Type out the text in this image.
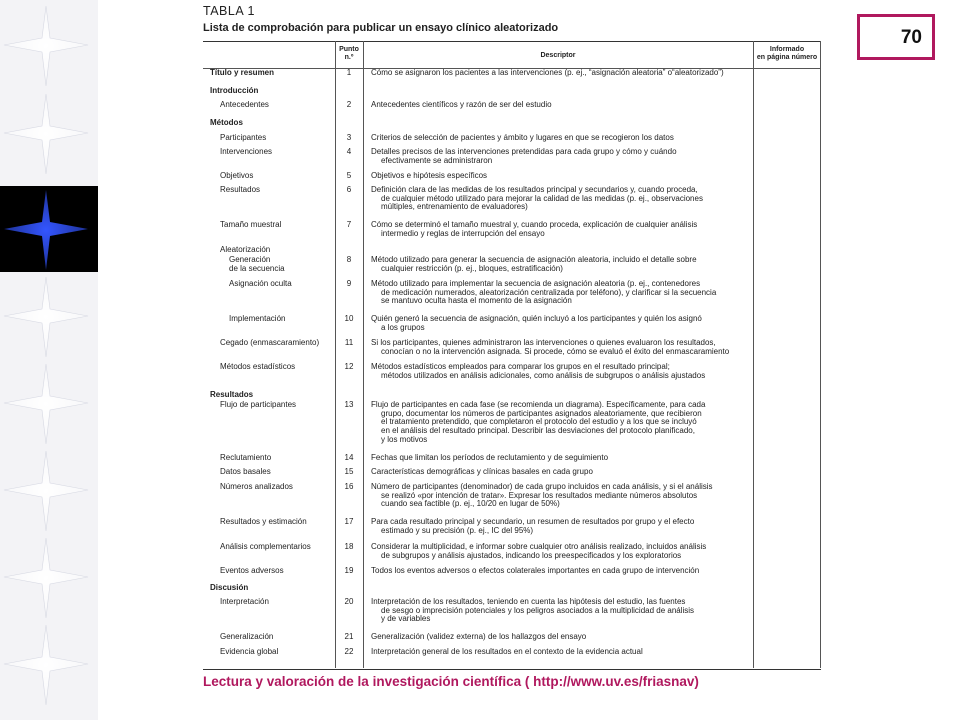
70
TABLA 1
Lista de comprobación para publicar un ensayo clínico aleatorizado
Punto
n.º	Descriptor
Informado
en página número
Título y resumen	1	Cómo se asignaron los pacientes a las intervenciones (p. ej., “asignación aleatoria” o“aleatorizado”)
Introducción
Antecedentes	2	Antecedentes científicos y razón de ser del estudio
Métodos
Participantes	3	Criterios de selección de pacientes y ámbito y lugares en que se recogieron los datos
Intervenciones	4	Detalles precisos de las intervenciones pretendidas para cada grupo y cómo y cuándo
efectivamente se administraron
Objetivos	5	Objetivos e hipótesis específicos
Resultados	6	Definición clara de las medidas de los resultados principal y secundarios y, cuando proceda,
de cualquier método utilizado para mejorar la calidad de las medidas (p. ej., observaciones
múltiples, entrenamiento de evaluadores)
Tamaño muestral	7	Cómo se determinó el tamaño muestral y, cuando proceda, explicación de cualquier análisis
intermedio y reglas de interrupción del ensayo
Aleatorización
Generación
de la secuencia
8	Método utilizado para generar la secuencia de asignación aleatoria, incluido el detalle sobre
cualquier restricción (p. ej., bloques, estratificación)
Asignación oculta	9	Método utilizado para implementar la secuencia de asignación aleatoria (p. ej., contenedores
de medicación numerados, aleatorización centralizada por teléfono), y clarificar si la secuencia
se mantuvo oculta hasta el momento de la asignación
Implementación	10	Quién generó la secuencia de asignación, quién incluyó a los participantes y quién los asignó
a los grupos
Cegado (enmascaramiento)	11	Si los participantes, quienes administraron las intervenciones o quienes evaluaron los resultados,
conocían o no la intervención asignada. Si procede, cómo se evaluó el éxito del enmascaramiento
Métodos estadísticos	12	Métodos estadísticos empleados para comparar los grupos en el resultado principal;
métodos utilizados en análisis adicionales, como análisis de subgrupos o análisis ajustados
Resultados
Flujo de participantes	13	Flujo de participantes en cada fase (se recomienda un diagrama). Específicamente, para cada
grupo, documentar los números de participantes asignados aleatoriamente, que recibieron
el tratamiento pretendido, que completaron el protocolo del estudio y a los que se incluyó
en el análisis del resultado principal. Describir las desviaciones del protocolo planificado,
y los motivos
Reclutamiento	14	Fechas que limitan los períodos de reclutamiento y de seguimiento
Datos basales	15	Características demográficas y clínicas basales en cada grupo
Números analizados	16	Número de participantes (denominador) de cada grupo incluidos en cada análisis, y si el análisis
se realizó «por intención de tratar». Expresar los resultados mediante números absolutos
cuando sea factible (p. ej., 10/20 en lugar de 50%)
Resultados y estimación	17	Para cada resultado principal y secundario, un resumen de resultados por grupo y el efecto
estimado y su precisión (p. ej., IC del 95%)
Análisis complementarios	18	Considerar la multiplicidad, e informar sobre cualquier otro análisis realizado, incluidos análisis
de subgrupos y análisis ajustados, indicando los preespecificados y los exploratorios
Eventos adversos	19	Todos los eventos adversos o efectos colaterales importantes en cada grupo de intervención
Discusión
Interpretación	20	Interpretación de los resultados, teniendo en cuenta las hipótesis del estudio, las fuentes
de sesgo o imprecisión potenciales y los peligros asociados a la multiplicidad de análisis
y de variables
Generalización	21	Generalización (validez externa) de los hallazgos del ensayo
Evidencia global	22	Interpretación general de los resultados en el contexto de la evidencia actual
Lectura y valoración de la investigación científica ( http://www.uv.es/friasnav)
